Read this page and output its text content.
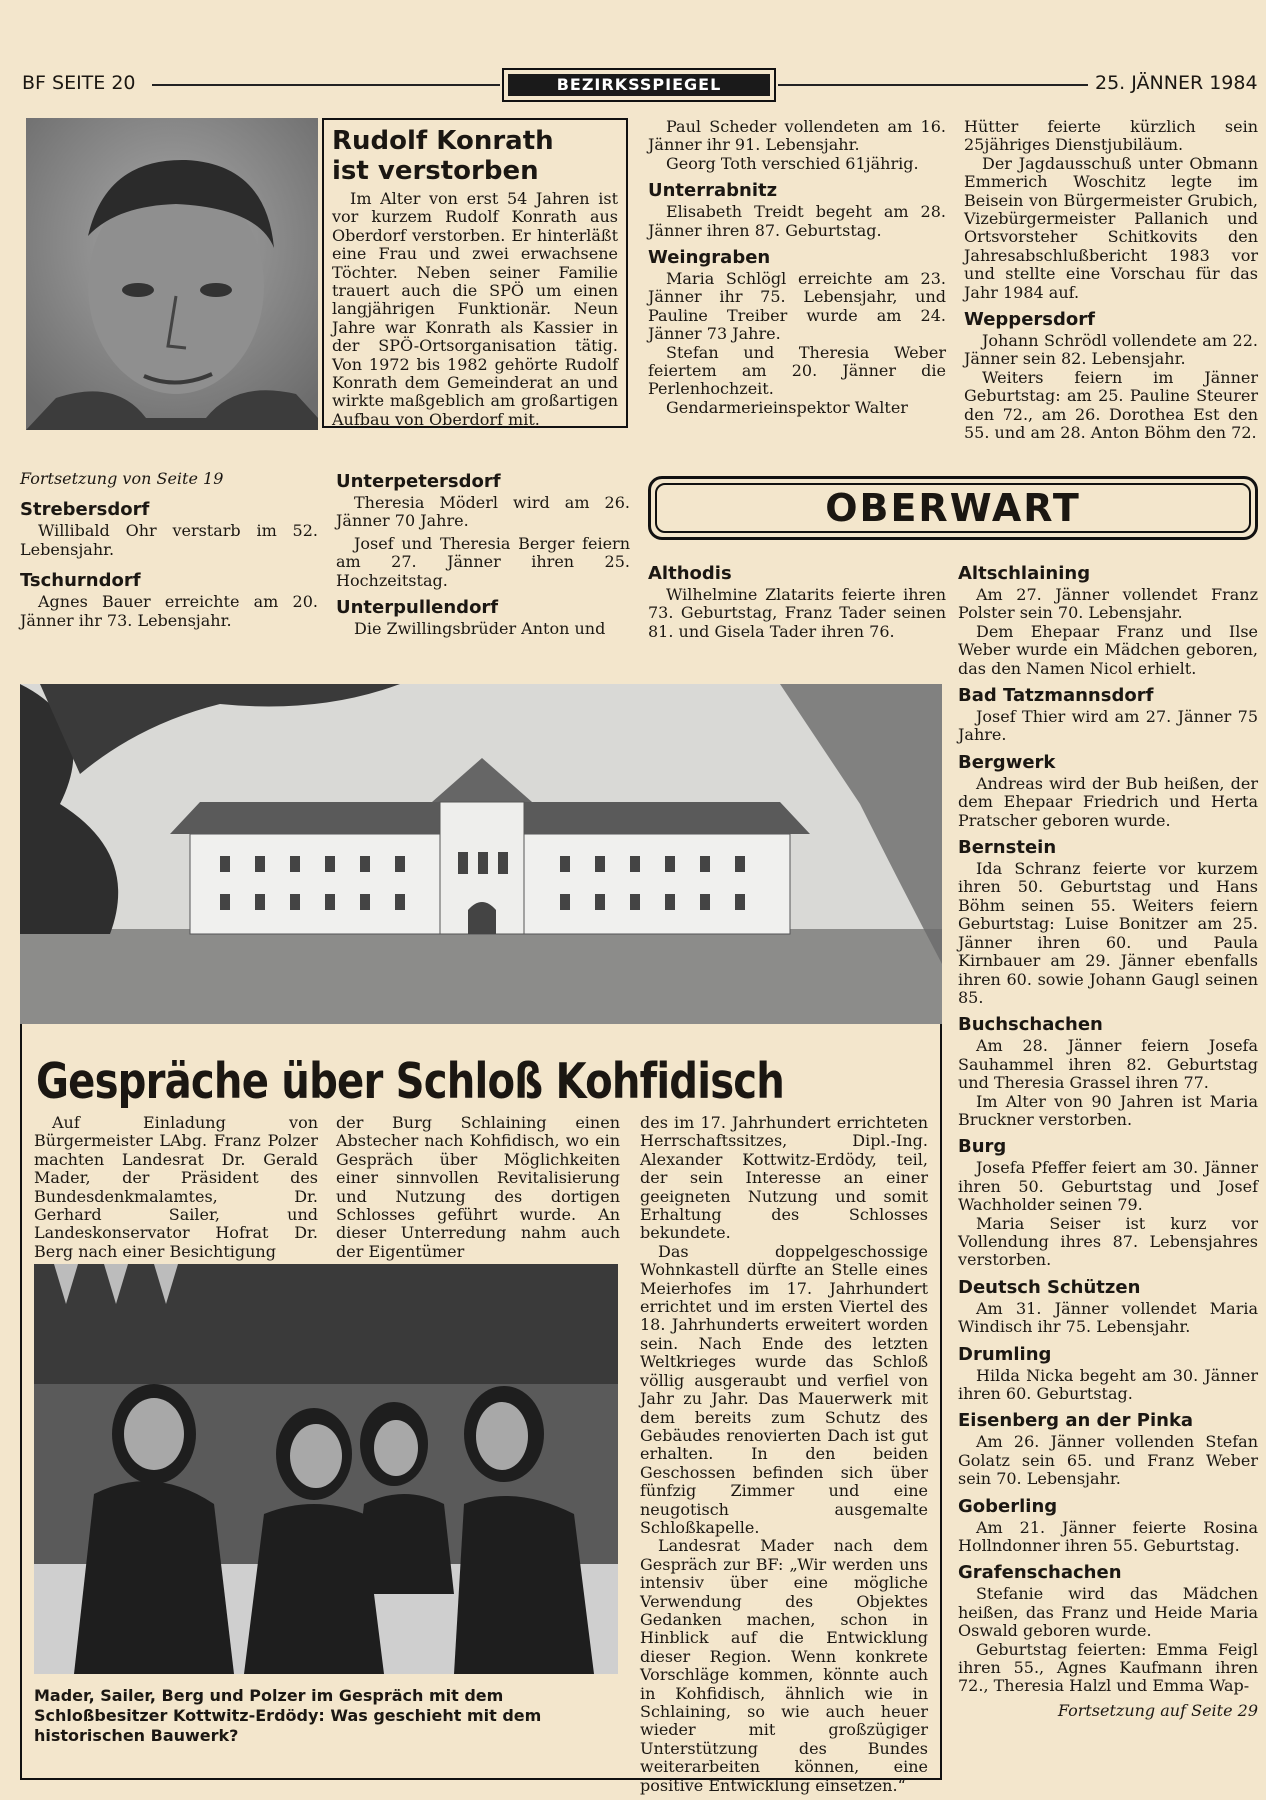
BF SEITE 20	BEZIRKSSPIEGEL	25. JÄNNER 1984
Rudolf Konrath
ist verstorben

Im Alter von erst 54 Jahren ist vor kurzem Rudolf Konrath aus Oberdorf verstorben. Er hinterläßt eine Frau und zwei erwachsene Töchter. Neben seiner Familie trauert auch die SPÖ um einen langjährigen Funktionär. Neun Jahre war Konrath als Kassier in der SPÖ-Ortsorganisation tätig. Von 1972 bis 1982 gehörte Rudolf Konrath dem Gemeinderat an und wirkte maßgeblich am großartigen Aufbau von Oberdorf mit.

Paul Scheder vollendeten am 16. Jänner ihr 91. Lebensjahr.

Georg Toth verschied 61jährig.

Unterrabnitz

Elisabeth Treidt begeht am 28. Jänner ihren 87. Geburtstag.

Weingraben

Maria Schlögl erreichte am 23. Jänner ihr 75. Lebensjahr, und Pauline Treiber wurde am 24. Jänner 73 Jahre.

Stefan und Theresia Weber feiertem am 20. Jänner die Perlenhochzeit.

Gendarmerieinspektor Walter

Hütter feierte kürzlich sein 25jähriges Dienstjubiläum.

Der Jagdausschuß unter Obmann Emmerich Woschitz legte im Beisein von Bürgermeister Grubich, Vizebürgermeister Pallanich und Ortsvorsteher Schitkovits den Jahresabschlußbericht 1983 vor und stellte eine Vorschau für das Jahr 1984 auf.

Weppersdorf

Johann Schrödl vollendete am 22. Jänner sein 82. Lebensjahr.

Weiters feiern im Jänner Geburtstag: am 25. Pauline Steurer den 72., am 26. Dorothea Est den 55. und am 28. Anton Böhm den 72.

Fortsetzung von Seite 19

Strebersdorf

Willibald Ohr verstarb im 52. Lebensjahr.

Tschurndorf

Agnes Bauer erreichte am 20. Jänner ihr 73. Lebensjahr.

Unterpetersdorf

Theresia Möderl wird am 26. Jänner 70 Jahre.

Josef und Theresia Berger feiern am 27. Jänner ihren 25. Hochzeitstag.

Unterpullendorf

Die Zwillingsbrüder Anton und

OBERWART
Althodis

Wilhelmine Zlatarits feierte ihren 73. Geburtstag, Franz Tader seinen 81. und Gisela Tader ihren 76.

Altschlaining

Am 27. Jänner vollendet Franz Polster sein 70. Lebensjahr.

Dem Ehepaar Franz und Ilse Weber wurde ein Mädchen geboren, das den Namen Nicol erhielt.

Bad Tatzmannsdorf

Josef Thier wird am 27. Jänner 75 Jahre.

Bergwerk

Andreas wird der Bub heißen, der dem Ehepaar Friedrich und Herta Pratscher geboren wurde.

Bernstein

Ida Schranz feierte vor kurzem ihren 50. Geburtstag und Hans Böhm seinen 55. Weiters feiern Geburtstag: Luise Bonitzer am 25. Jänner ihren 60. und Paula Kirnbauer am 29. Jänner ebenfalls ihren 60. sowie Johann Gaugl seinen 85.

Buchschachen

Am 28. Jänner feiern Josefa Sauhammel ihren 82. Geburtstag und Theresia Grassel ihren 77.

Im Alter von 90 Jahren ist Maria Bruckner verstorben.

Burg

Josefa Pfeffer feiert am 30. Jänner ihren 50. Geburtstag und Josef Wachholder seinen 79.

Maria Seiser ist kurz vor Vollendung ihres 87. Lebensjahres verstorben.

Deutsch Schützen

Am 31. Jänner vollendet Maria Windisch ihr 75. Lebensjahr.

Drumling

Hilda Nicka begeht am 30. Jänner ihren 60. Geburtstag.

Eisenberg an der Pinka

Am 26. Jänner vollenden Stefan Golatz sein 65. und Franz Weber sein 70. Lebensjahr.

Goberling

Am 21. Jänner feierte Rosina Hollndonner ihren 55. Geburtstag.

Grafenschachen

Stefanie wird das Mädchen heißen, das Franz und Heide Maria Oswald geboren wurde.

Geburtstag feierten: Emma Feigl ihren 55., Agnes Kaufmann ihren 72., Theresia Halzl und Emma Wap-

Fortsetzung auf Seite 29

Gespräche über Schloß Kohfidisch

Auf Einladung von Bürgermeister LAbg. Franz Polzer machten Landesrat Dr. Gerald Mader, der Präsident des Bundesdenkmalamtes, Dr. Gerhard Sailer, und Landeskonservator Hofrat Dr. Berg nach einer Besichtigung

der Burg Schlaining einen Abstecher nach Kohfidisch, wo ein Gespräch über Möglichkeiten einer sinnvollen Revitalisierung und Nutzung des dortigen Schlosses geführt wurde. An dieser Unterredung nahm auch der Eigentümer

des im 17. Jahrhundert errichteten Herrschaftssitzes, Dipl.-Ing. Alexander Kottwitz-Erdödy, teil, der sein Interesse an einer geeigneten Nutzung und somit Erhaltung des Schlosses bekundete.

Das doppelgeschossige Wohnkastell dürfte an Stelle eines Meierhofes im 17. Jahrhundert errichtet und im ersten Viertel des 18. Jahrhunderts erweitert worden sein. Nach Ende des letzten Weltkrieges wurde das Schloß völlig ausgeraubt und verfiel von Jahr zu Jahr. Das Mauerwerk mit dem bereits zum Schutz des Gebäudes renovierten Dach ist gut erhalten. In den beiden Geschossen befinden sich über fünfzig Zimmer und eine neugotisch ausgemalte Schloßkapelle.

Landesrat Mader nach dem Gespräch zur BF: „Wir werden uns intensiv über eine mögliche Verwendung des Objektes Gedanken machen, schon in Hinblick auf die Entwicklung dieser Region. Wenn konkrete Vorschläge kommen, könnte auch in Kohfidisch, ähnlich wie in Schlaining, so wie auch heuer wieder mit großzügiger Unterstützung des Bundes weiterarbeiten können, eine positive Entwicklung einsetzen.“

Mader, Sailer, Berg und Polzer im Gespräch mit dem Schloßbesitzer Kottwitz-Erdödy: Was geschieht mit dem historischen Bauwerk?
